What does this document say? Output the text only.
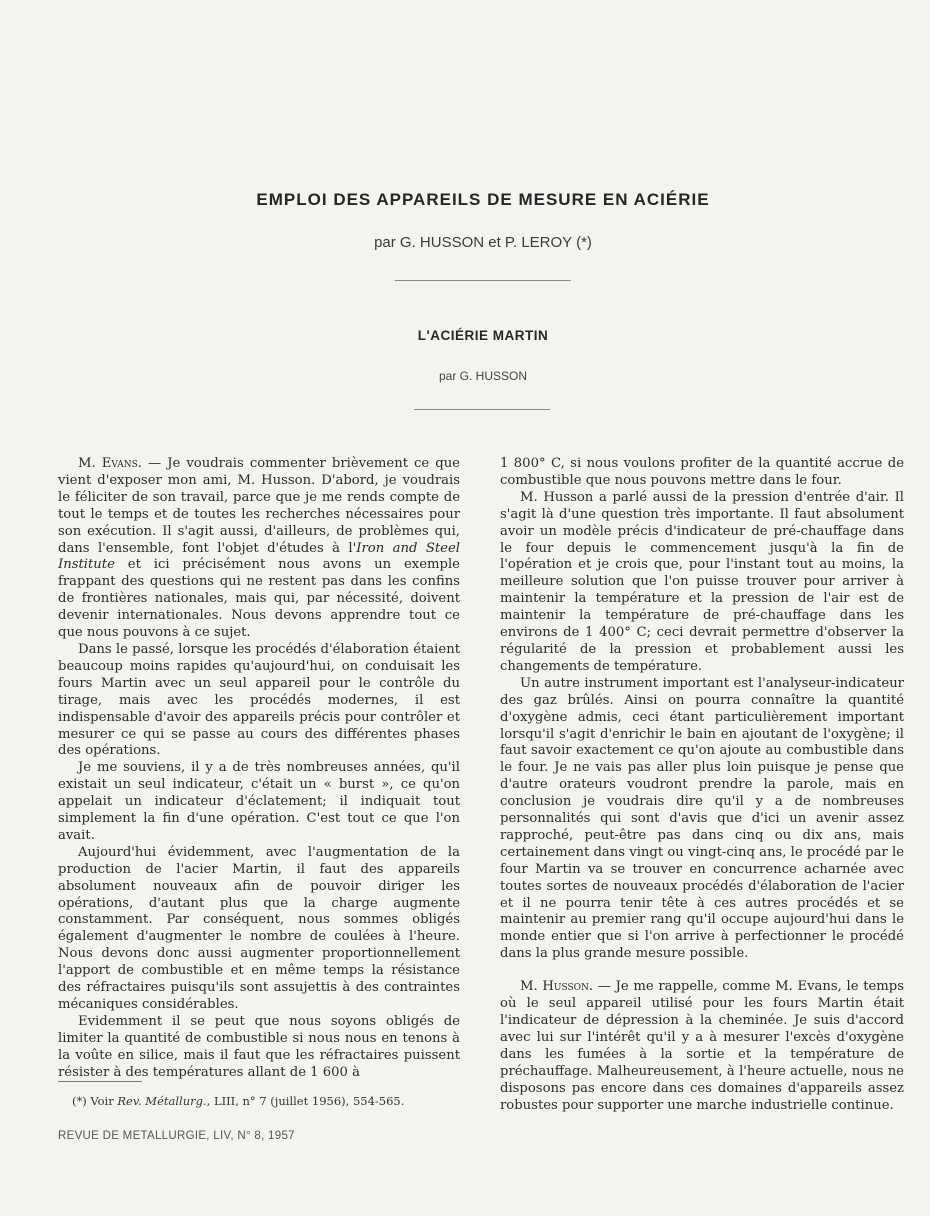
EMPLOI DES APPAREILS DE MESURE EN ACIÉRIE
par G. HUSSON et P. LEROY (*)
L'ACIÉRIE MARTIN
par G. HUSSON

M. Evans. — Je voudrais commenter brièvement ce que vient d'exposer mon ami, M. Husson. D'abord, je voudrais le féliciter de son travail, parce que je me rends compte de tout le temps et de toutes les recherches nécessaires pour son exécution. Il s'agit aussi, d'ailleurs, de problèmes qui, dans l'ensemble, font l'objet d'études à l'Iron and Steel Institute et ici précisément nous avons un exemple frappant des questions qui ne restent pas dans les confins de frontières nationales, mais qui, par nécessité, doivent devenir internationales. Nous devons apprendre tout ce que nous pouvons à ce sujet.

Dans le passé, lorsque les procédés d'élaboration étaient beaucoup moins rapides qu'aujourd'hui, on conduisait les fours Martin avec un seul appareil pour le contrôle du tirage, mais avec les procédés modernes, il est indispensable d'avoir des appareils précis pour contrôler et mesurer ce qui se passe au cours des différentes phases des opérations.

Je me souviens, il y a de très nombreuses années, qu'il existait un seul indicateur, c'était un « burst », ce qu'on appelait un indicateur d'éclatement; il indiquait tout simplement la fin d'une opération. C'est tout ce que l'on avait.

Aujourd'hui évidemment, avec l'augmentation de la production de l'acier Martin, il faut des appareils absolument nouveaux afin de pouvoir diriger les opérations, d'autant plus que la charge augmente constamment. Par conséquent, nous sommes obligés également d'augmenter le nombre de coulées à l'heure. Nous devons donc aussi augmenter proportionnellement l'apport de combustible et en même temps la résistance des réfractaires puisqu'ils sont assujettis à des contraintes mécaniques considérables.

Evidemment il se peut que nous soyons obligés de limiter la quantité de combustible si nous nous en tenons à la voûte en silice, mais il faut que les réfractaires puissent résister à des températures allant de 1 600 à

1 800° C, si nous voulons profiter de la quantité accrue de combustible que nous pouvons mettre dans le four.

M. Husson a parlé aussi de la pression d'entrée d'air. Il s'agit là d'une question très importante. Il faut absolument avoir un modèle précis d'indicateur de pré-chauffage dans le four depuis le commencement jusqu'à la fin de l'opération et je crois que, pour l'instant tout au moins, la meilleure solution que l'on puisse trouver pour arriver à maintenir la température et la pression de l'air est de maintenir la température de pré-chauffage dans les environs de 1 400° C; ceci devrait permettre d'observer la régularité de la pression et probablement aussi les changements de température.

Un autre instrument important est l'analyseur-indicateur des gaz brûlés. Ainsi on pourra connaître la quantité d'oxygène admis, ceci étant particulièrement important lorsqu'il s'agit d'enrichir le bain en ajoutant de l'oxygène; il faut savoir exactement ce qu'on ajoute au combustible dans le four. Je ne vais pas aller plus loin puisque je pense que d'autre orateurs voudront prendre la parole, mais en conclusion je voudrais dire qu'il y a de nombreuses personnalités qui sont d'avis que d'ici un avenir assez rapproché, peut-être pas dans cinq ou dix ans, mais certainement dans vingt ou vingt-cinq ans, le procédé par le four Martin va se trouver en concurrence acharnée avec toutes sortes de nouveaux procédés d'élaboration de l'acier et il ne pourra tenir tête à ces autres procédés et se maintenir au premier rang qu'il occupe aujourd'hui dans le monde entier que si l'on arrive à perfectionner le procédé dans la plus grande mesure possible.

M. Husson. — Je me rappelle, comme M. Evans, le temps où le seul appareil utilisé pour les fours Martin était l'indicateur de dépression à la cheminée. Je suis d'accord avec lui sur l'intérêt qu'il y a à mesurer l'excès d'oxygène dans les fumées à la sortie et la température de préchauffage. Malheureusement, à l'heure actuelle, nous ne disposons pas encore dans ces domaines d'appareils assez robustes pour supporter une marche industrielle continue.

(*) Voir Rev. Métallurg., LIII, n° 7 (juillet 1956), 554-565.
REVUE DE METALLURGIE, LIV, N° 8, 1957
